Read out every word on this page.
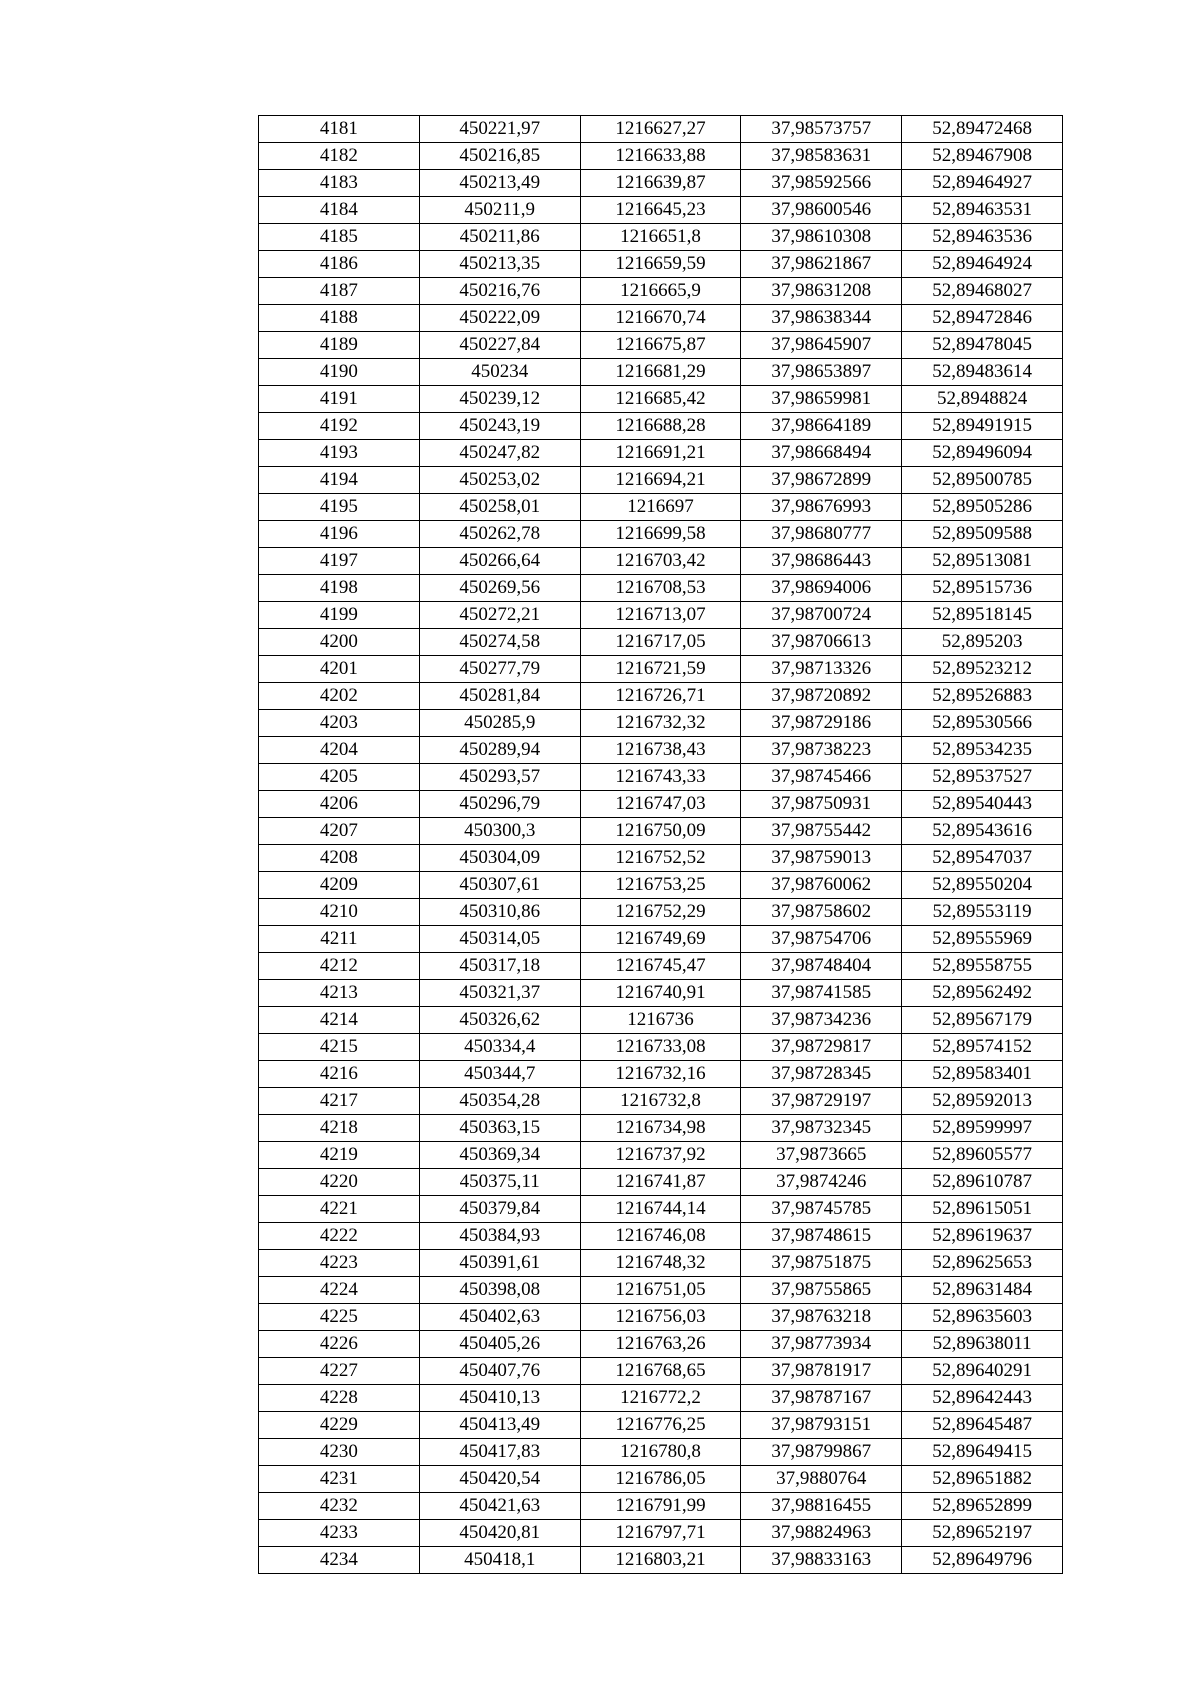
4181	450221,97	1216627,27	37,98573757	52,89472468
4182	450216,85	1216633,88	37,98583631	52,89467908
4183	450213,49	1216639,87	37,98592566	52,89464927
4184	450211,9	1216645,23	37,98600546	52,89463531
4185	450211,86	1216651,8	37,98610308	52,89463536
4186	450213,35	1216659,59	37,98621867	52,89464924
4187	450216,76	1216665,9	37,98631208	52,89468027
4188	450222,09	1216670,74	37,98638344	52,89472846
4189	450227,84	1216675,87	37,98645907	52,89478045
4190	450234	1216681,29	37,98653897	52,89483614
4191	450239,12	1216685,42	37,98659981	52,8948824
4192	450243,19	1216688,28	37,98664189	52,89491915
4193	450247,82	1216691,21	37,98668494	52,89496094
4194	450253,02	1216694,21	37,98672899	52,89500785
4195	450258,01	1216697	37,98676993	52,89505286
4196	450262,78	1216699,58	37,98680777	52,89509588
4197	450266,64	1216703,42	37,98686443	52,89513081
4198	450269,56	1216708,53	37,98694006	52,89515736
4199	450272,21	1216713,07	37,98700724	52,89518145
4200	450274,58	1216717,05	37,98706613	52,895203
4201	450277,79	1216721,59	37,98713326	52,89523212
4202	450281,84	1216726,71	37,98720892	52,89526883
4203	450285,9	1216732,32	37,98729186	52,89530566
4204	450289,94	1216738,43	37,98738223	52,89534235
4205	450293,57	1216743,33	37,98745466	52,89537527
4206	450296,79	1216747,03	37,98750931	52,89540443
4207	450300,3	1216750,09	37,98755442	52,89543616
4208	450304,09	1216752,52	37,98759013	52,89547037
4209	450307,61	1216753,25	37,98760062	52,89550204
4210	450310,86	1216752,29	37,98758602	52,89553119
4211	450314,05	1216749,69	37,98754706	52,89555969
4212	450317,18	1216745,47	37,98748404	52,89558755
4213	450321,37	1216740,91	37,98741585	52,89562492
4214	450326,62	1216736	37,98734236	52,89567179
4215	450334,4	1216733,08	37,98729817	52,89574152
4216	450344,7	1216732,16	37,98728345	52,89583401
4217	450354,28	1216732,8	37,98729197	52,89592013
4218	450363,15	1216734,98	37,98732345	52,89599997
4219	450369,34	1216737,92	37,9873665	52,89605577
4220	450375,11	1216741,87	37,9874246	52,89610787
4221	450379,84	1216744,14	37,98745785	52,89615051
4222	450384,93	1216746,08	37,98748615	52,89619637
4223	450391,61	1216748,32	37,98751875	52,89625653
4224	450398,08	1216751,05	37,98755865	52,89631484
4225	450402,63	1216756,03	37,98763218	52,89635603
4226	450405,26	1216763,26	37,98773934	52,89638011
4227	450407,76	1216768,65	37,98781917	52,89640291
4228	450410,13	1216772,2	37,98787167	52,89642443
4229	450413,49	1216776,25	37,98793151	52,89645487
4230	450417,83	1216780,8	37,98799867	52,89649415
4231	450420,54	1216786,05	37,9880764	52,89651882
4232	450421,63	1216791,99	37,98816455	52,89652899
4233	450420,81	1216797,71	37,98824963	52,89652197
4234	450418,1	1216803,21	37,98833163	52,89649796
